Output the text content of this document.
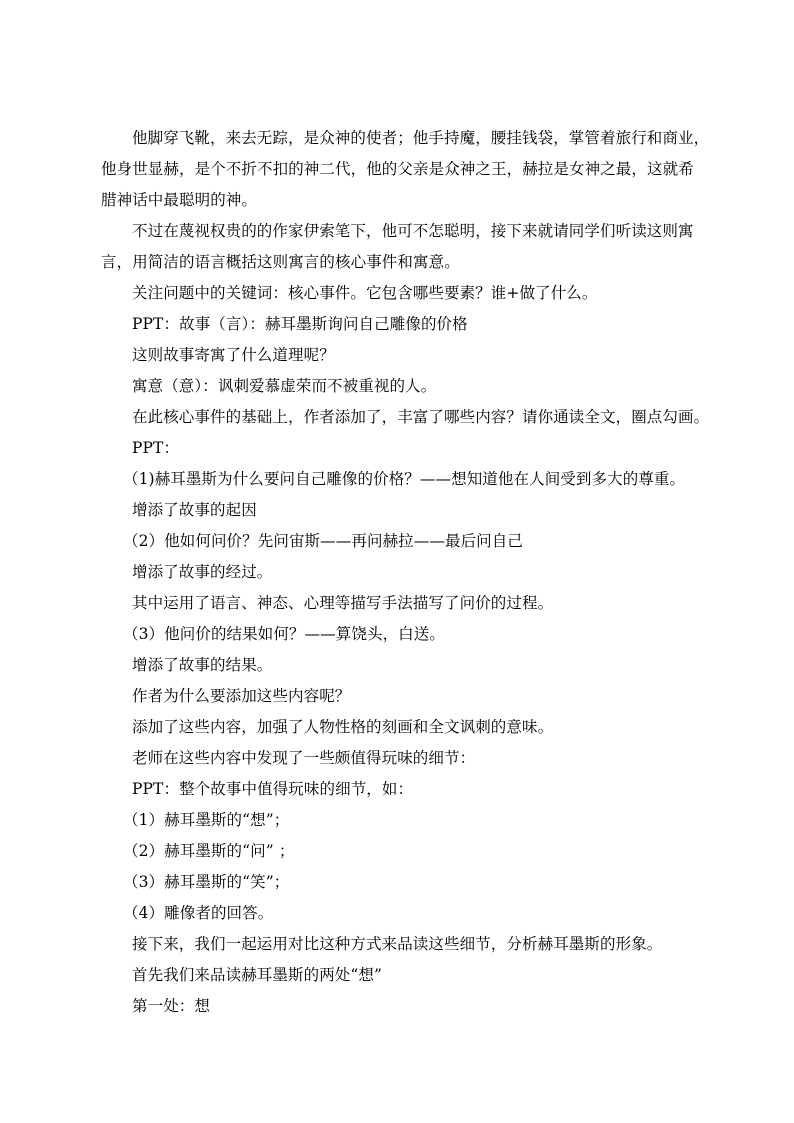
他脚穿飞靴，来去无踪，是众神的使者；他手持魔，腰挂钱袋，掌管着旅行和商业，
他身世显赫，是个不折不扣的神二代，他的父亲是众神之王，赫拉是女神之最，这就希
腊神话中最聪明的神。
不过在蔑视权贵的的作家伊索笔下，他可不怎聪明，接下来就请同学们听读这则寓
言，用简洁的语言概括这则寓言的核心事件和寓意。
关注问题中的关键词：核心事件。它包含哪些要素？谁+做了什么。
PPT：故事（言）：赫耳墨斯询问自己雕像的价格
这则故事寄寓了什么道理呢？
寓意（意）：讽刺爱慕虚荣而不被重视的人。
在此核心事件的基础上，作者添加了，丰富了哪些内容？请你通读全文，圈点勾画。
PPT：
（1)赫耳墨斯为什么要问自己雕像的价格？——想知道他在人间受到多大的尊重。
增添了故事的起因
（2）他如何问价？先问宙斯——再问赫拉——最后问自己
增添了故事的经过。
其中运用了语言、神态、心理等描写手法描写了问价的过程。
（3）他问价的结果如何？——算饶头，白送。
增添了故事的结果。
作者为什么要添加这些内容呢？
添加了这些内容，加强了人物性格的刻画和全文讽刺的意味。
老师在这些内容中发现了一些颇值得玩味的细节：
PPT：整个故事中值得玩味的细节，如：
（1）赫耳墨斯的“想”；
（2）赫耳墨斯的“问” ；
（3）赫耳墨斯的“笑”；
（4）雕像者的回答。
接下来，我们一起运用对比这种方式来品读这些细节，分析赫耳墨斯的形象。
首先我们来品读赫耳墨斯的两处“想”
第一处：想
